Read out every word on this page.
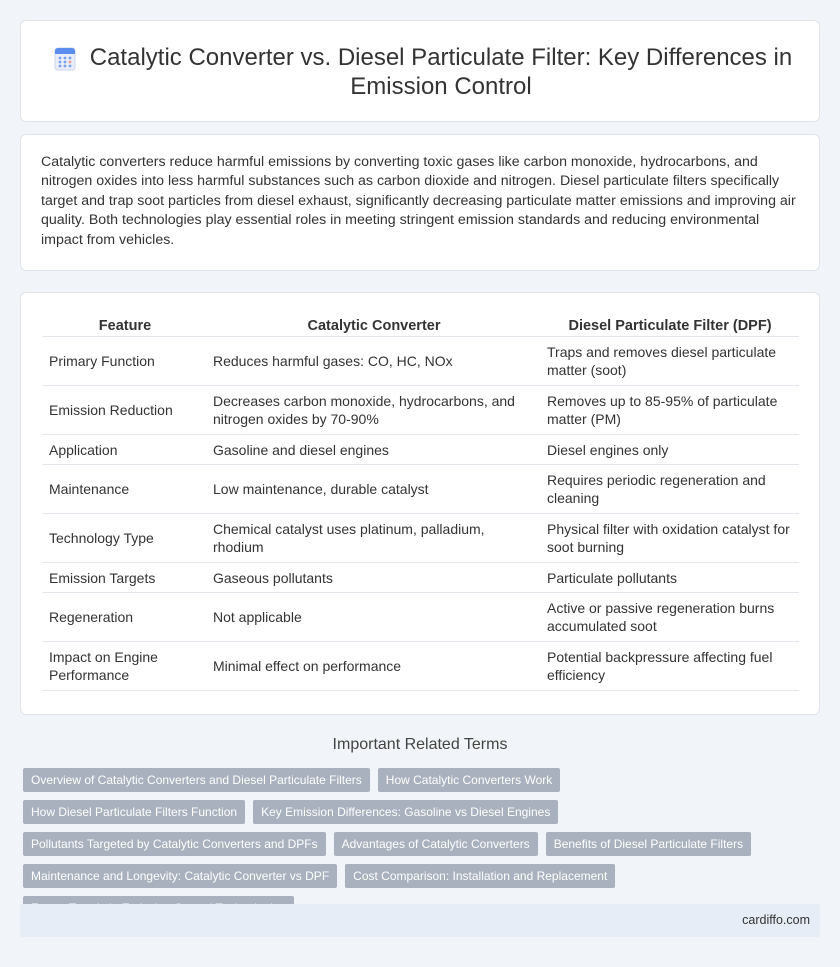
Catalytic Converter vs. Diesel Particulate Filter: Key Differences in Emission Control

Catalytic converters reduce harmful emissions by converting toxic gases like carbon monoxide, hydrocarbons, and nitrogen oxides into less harmful substances such as carbon dioxide and nitrogen. Diesel particulate filters specifically target and trap soot particles from diesel exhaust, significantly decreasing particulate matter emissions and improving air quality. Both technologies play essential roles in meeting stringent emission standards and reducing environmental impact from vehicles.

Feature	Catalytic Converter	Diesel Particulate Filter (DPF)
Primary Function	Reduces harmful gases: CO, HC, NOx	Traps and removes diesel particulate matter (soot)
Emission Reduction	Decreases carbon monoxide, hydrocarbons, and nitrogen oxides by 70-90%	Removes up to 85-95% of particulate matter (PM)
Application	Gasoline and diesel engines	Diesel engines only
Maintenance	Low maintenance, durable catalyst	Requires periodic regeneration and cleaning
Technology Type	Chemical catalyst uses platinum, palladium, rhodium	Physical filter with oxidation catalyst for soot burning
Emission Targets	Gaseous pollutants	Particulate pollutants
Regeneration	Not applicable	Active or passive regeneration burns accumulated soot
Impact on Engine Performance	Minimal effect on performance	Potential backpressure affecting fuel efficiency
Important Related Terms
Overview of Catalytic Converters and Diesel Particulate Filters	How Catalytic Converters Work
How Diesel Particulate Filters Function	Key Emission Differences: Gasoline vs Diesel Engines
Pollutants Targeted by Catalytic Converters and DPFs	Advantages of Catalytic Converters	Benefits of Diesel Particulate Filters
Maintenance and Longevity: Catalytic Converter vs DPF	Cost Comparison: Installation and Replacement
cardiffo.com
